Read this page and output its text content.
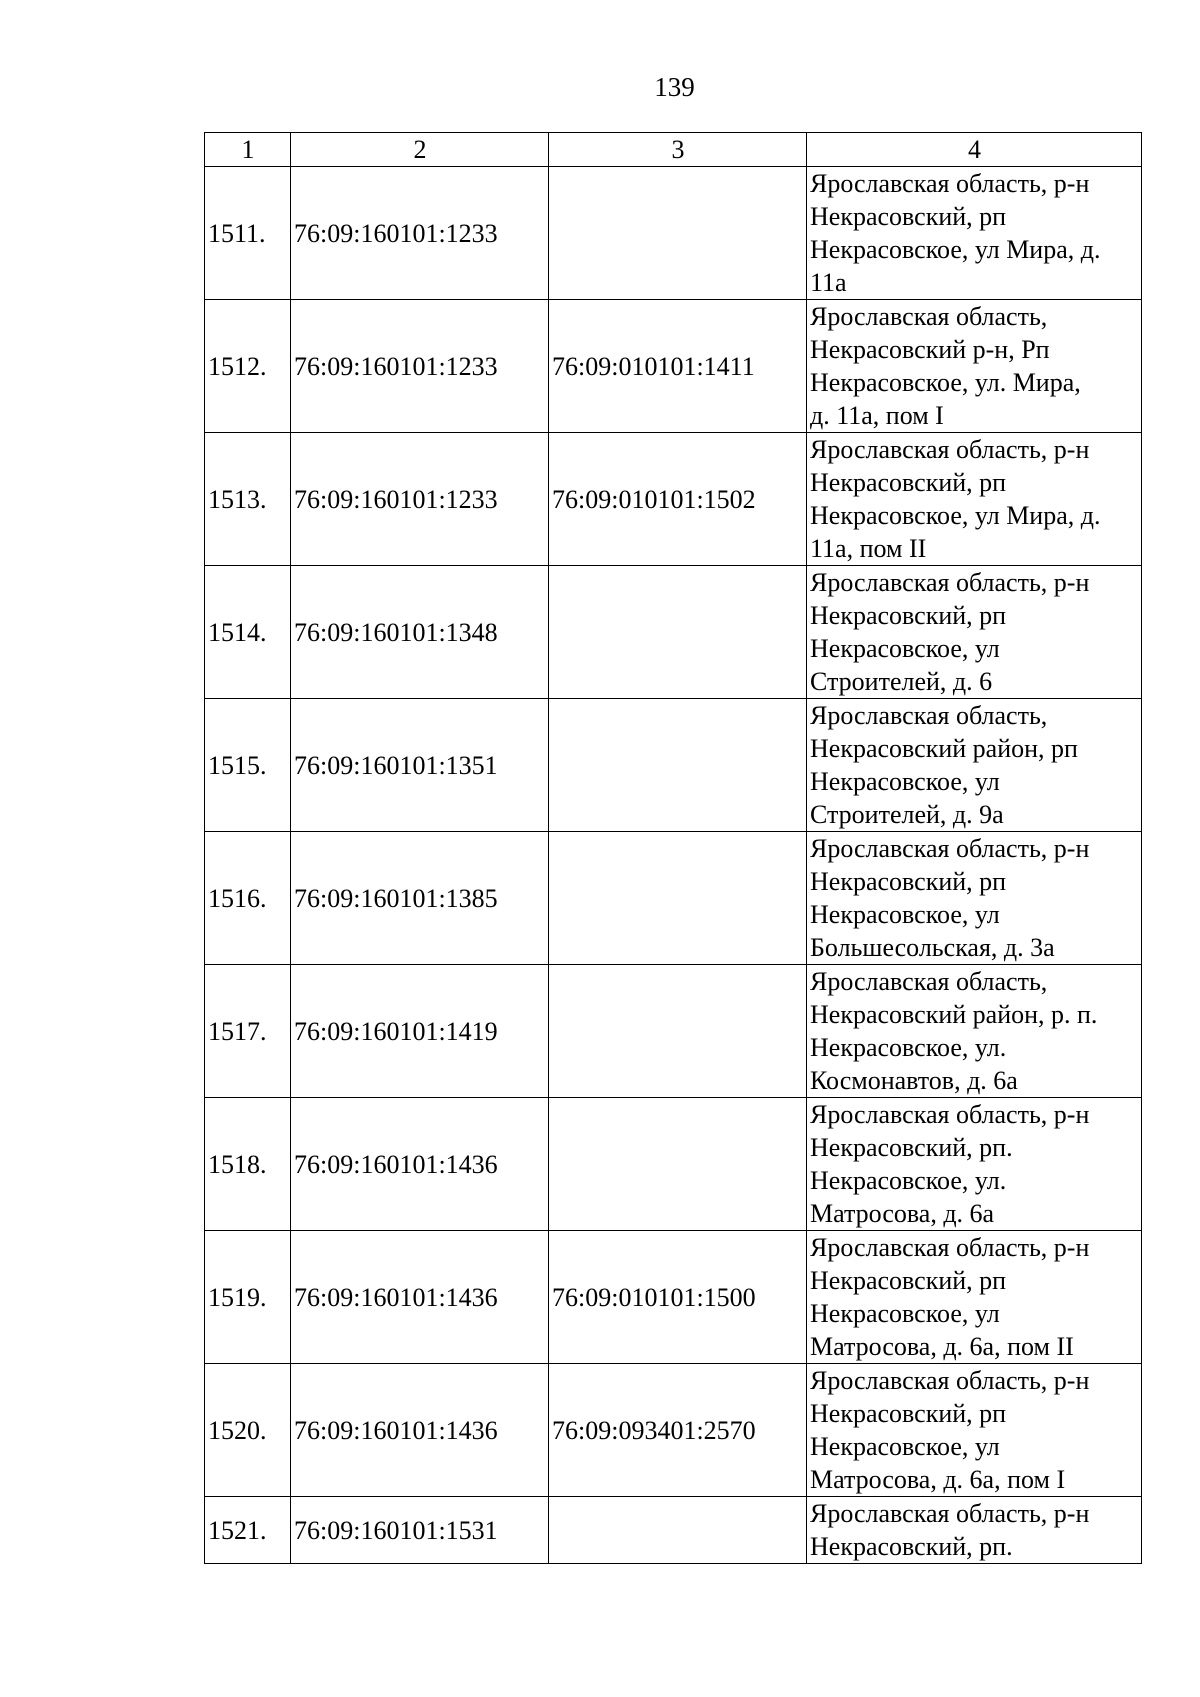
139
1	2	3	4
1511.	76:09:160101:1233		Ярославская область, р-н
Некрасовский, рп
Некрасовское, ул Мира, д.
11а
1512.	76:09:160101:1233	76:09:010101:1411	Ярославская область,
Некрасовский р-н, Рп
Некрасовское, ул. Мира,
д. 11а, пом I
1513.	76:09:160101:1233	76:09:010101:1502	Ярославская область, р-н
Некрасовский, рп
Некрасовское, ул Мира, д.
11а, пом II
1514.	76:09:160101:1348		Ярославская область, р-н
Некрасовский, рп
Некрасовское, ул
Строителей, д. 6
1515.	76:09:160101:1351		Ярославская область,
Некрасовский район, рп
Некрасовское, ул
Строителей, д. 9а
1516.	76:09:160101:1385		Ярославская область, р-н
Некрасовский, рп
Некрасовское, ул
Большесольская, д. 3а
1517.	76:09:160101:1419		Ярославская область,
Некрасовский район, р. п.
Некрасовское, ул.
Космонавтов, д. 6а
1518.	76:09:160101:1436		Ярославская область, р-н
Некрасовский, рп.
Некрасовское, ул.
Матросова, д. 6а
1519.	76:09:160101:1436	76:09:010101:1500	Ярославская область, р-н
Некрасовский, рп
Некрасовское, ул
Матросова, д. 6а, пом II
1520.	76:09:160101:1436	76:09:093401:2570	Ярославская область, р-н
Некрасовский, рп
Некрасовское, ул
Матросова, д. 6а, пом I
1521.	76:09:160101:1531		Ярославская область, р-н
Некрасовский, рп.
